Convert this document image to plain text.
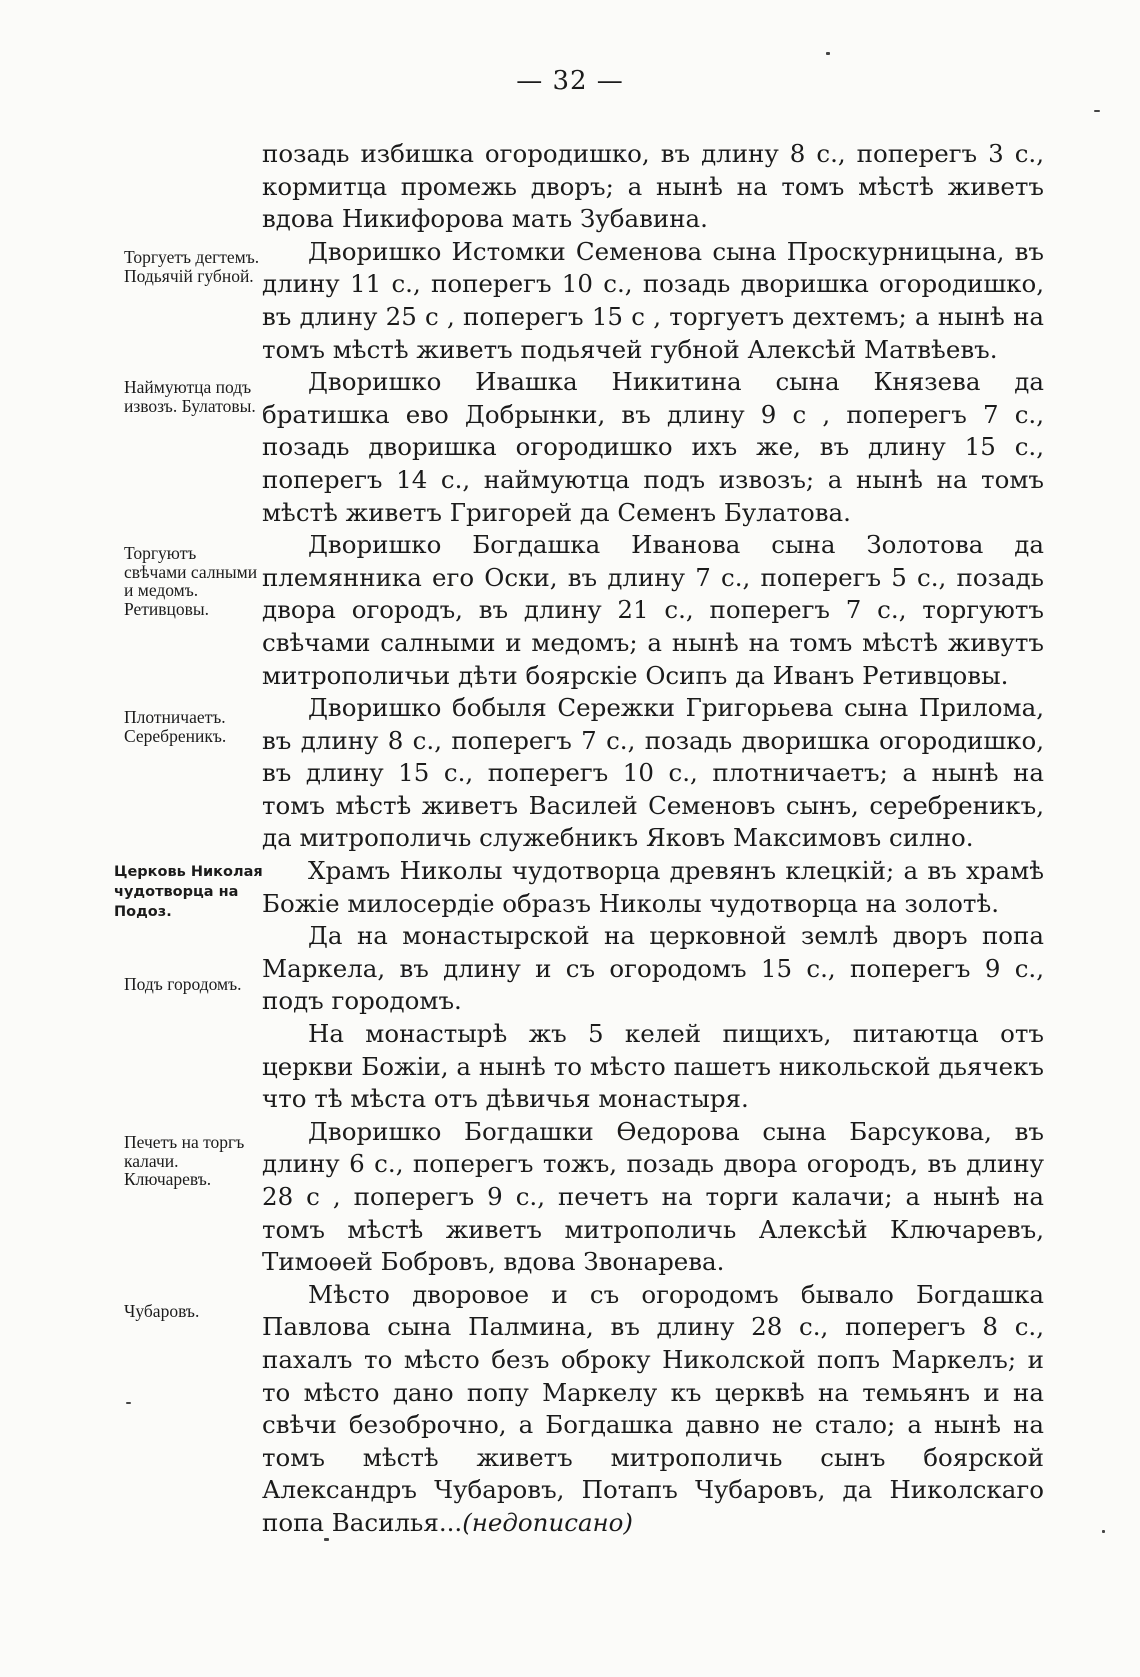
— 32 —

позадь избишка огородишко, въ длину 8 с., поперегъ 3 с., кормитца промежь дворъ; а нынѣ на томъ мѣстѣ живетъ вдова Никифорова мать Зубавина.

Дворишко Истомки Семенова сына Проскурницына, въ длину 11 с., поперегъ 10 с., позадь дворишка огородишко, въ длину 25 с , поперегъ 15 с , торгуетъ дехтемъ; а нынѣ на томъ мѣстѣ живетъ подьячей губной Алексѣй Матвѣевъ.

Дворишко Ивашка Никитина сына Князева да братишка ево Добрынки, въ длину 9 с , поперегъ 7 с., позадь дворишка огородишко ихъ же, въ длину 15 с., поперегъ 14 с., наймуютца подъ извозъ; а нынѣ на томъ мѣстѣ живетъ Григорей да Семенъ Булатова.

Дворишко Богдашка Иванова сына Золотова да племянника его Оски, въ длину 7 с., поперегъ 5 с., позадь двора огородъ, въ длину 21 с., поперегъ 7 с., торгуютъ свѣчами салными и медомъ; а нынѣ на томъ мѣстѣ живутъ митрополичьи дѣти боярскіе Осипъ да Иванъ Ретивцовы.

Дворишко бобыля Сережки Григорьева сына Прилома, въ длину 8 с., поперегъ 7 с., позадь дворишка огородишко, въ длину 15 с., поперегъ 10 с., плотничаетъ; а нынѣ на томъ мѣстѣ живетъ Василей Семеновъ сынъ, серебреникъ, да митрополичь служебникъ Яковъ Максимовъ силно.

Храмъ Николы чудотворца древянъ клецкій; а въ храмѣ Божіе милосердіе образъ Николы чудотворца на золотѣ.

Да на монастырской на церковной землѣ дворъ попа Маркела, въ длину и съ огородомъ 15 с., поперегъ 9 с., подъ городомъ.

На монастырѣ жъ 5 келей пищихъ, питаютца отъ церкви Божіи, а нынѣ то мѣсто пашетъ никольской дьячекъ что тѣ мѣста отъ дѣвичья монастыря.

Дворишко Богдашки Ѳедорова сына Барсукова, въ длину 6 с., поперегъ тожъ, позадь двора огородъ, въ длину 28 с , поперегъ 9 с., печетъ на торги калачи; а нынѣ на томъ мѣстѣ живетъ митрополичь Алексѣй Ключаревъ, Тимоѳей Бобровъ, вдова Звонарева.

Мѣсто дворовое и съ огородомъ бывало Богдашка Павлова сына Палмина, въ длину 28 с., поперегъ 8 с., пахалъ то мѣсто безъ оброку Николской попъ Маркелъ; и то мѣсто дано попу Маркелу къ церквѣ на темьянъ и на свѣчи безоброчно, а Богдашка давно не стало; а нынѣ на томъ мѣстѣ живетъ митрополичь сынъ боярской Александръ Чубаровъ, Потапъ Чубаровъ, да Николскаго попа Василья...(недописано)

Торгуетъ дегтемъ. Подьячій губной.
Наймуютца подъ извозъ. Булатовы.
Торгуютъ свѣчами салными и медомъ. Ретивцовы.
Плотничаетъ. Серебреникъ.
Церковь Николая чудотворца на Подоз.
Подъ городомъ.
Печетъ на торгъ калачи. Ключаревъ.
Чубаровъ.
